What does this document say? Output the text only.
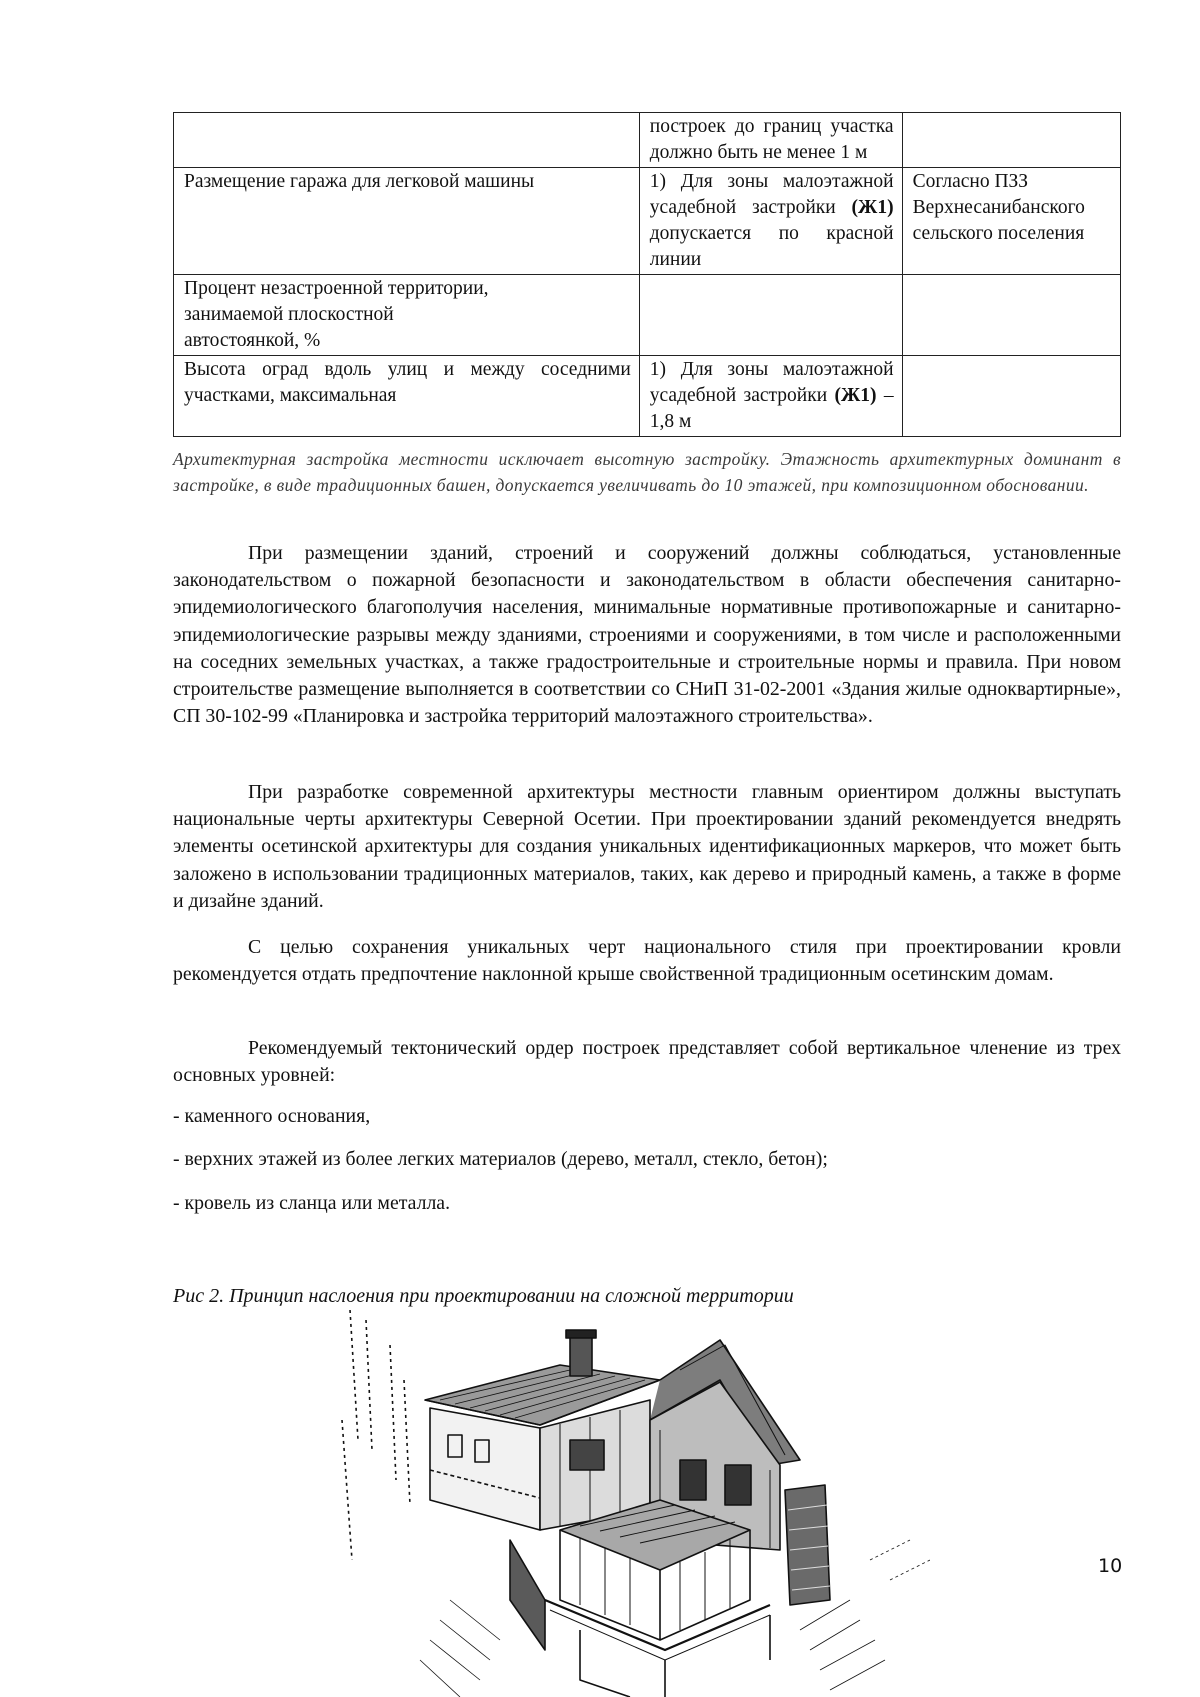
	построек до границ участка должно быть не менее 1 м	
Размещение гаража для легковой машины	1) Для зоны малоэтажной усадебной застройки (Ж1) допускается по красной линии	Согласно ПЗЗ Верхнесанибанского сельского поселения
Процент незастроенной территории, занимаемой плоскостной автостоянкой, %		
Высота оград вдоль улиц и между соседними участками, максимальная	1) Для зоны малоэтажной усадебной застройки (Ж1) – 1,8 м	
Архитектурная застройка местности исключает высотную застройку. Этажность архитектурных доминант в застройке, в виде традиционных башен, допускается увеличивать до 10 этажей, при композиционном обосновании.
При размещении зданий, строений и сооружений должны соблюдаться, установленные законодательством о пожарной безопасности и законодательством в области обеспечения санитарно-эпидемиологического благополучия населения, минимальные нормативные противопожарные и санитарно-эпидемиологические разрывы между зданиями, строениями и сооружениями, в том числе и расположенными на соседних земельных участках, а также градостроительные и строительные нормы и правила. При новом строительстве размещение выполняется в соответствии со СНиП 31-02-2001 «Здания жилые одноквартирные», СП 30-102-99 «Планировка и застройка территорий малоэтажного строительства».
При разработке современной архитектуры местности главным ориентиром должны выступать национальные черты архитектуры Северной Осетии. При проектировании зданий рекомендуется внедрять элементы осетинской архитектуры для создания уникальных идентификационных маркеров, что может быть заложено в использовании традиционных материалов, таких, как дерево и природный камень, а также в форме и дизайне зданий.
С целью сохранения уникальных черт национального стиля при проектировании кровли рекомендуется отдать предпочтение наклонной крыше свойственной традиционным осетинским домам.
Рекомендуемый тектонический ордер построек представляет собой вертикальное членение из трех основных уровней:
- каменного основания,
- верхних этажей из более легких материалов (дерево, металл, стекло, бетон);
- кровель из сланца или металла.
Рис 2. Принцип наслоения при проектировании на сложной территории
10
